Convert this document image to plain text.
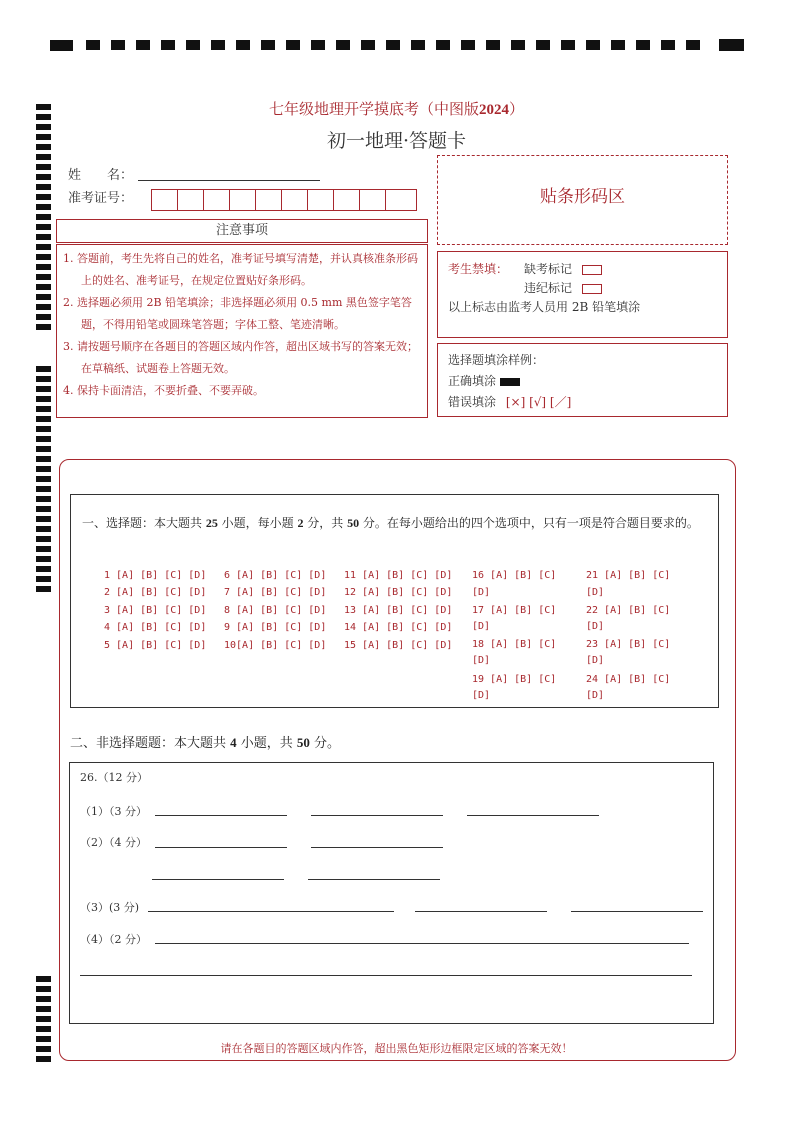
七年级地理开学摸底考（中图版2024）
初一地理·答题卡
姓　　名：
准考证号：	贴条形码区
注意事项

1. 答题前，考生先将自己的姓名，准考证号填写清楚，并认真核准条形码上的姓名、准考证号，在规定位置贴好条形码。

2. 选择题必须用 2B 铅笔填涂；非选择题必须用 0.5 mm 黑色签字笔答题，不得用铅笔或圆珠笔答题；字体工整、笔迹清晰。

3. 请按题号顺序在各题目的答题区域内作答，超出区域书写的答案无效；在草稿纸、试题卷上答题无效。

4. 保持卡面清洁，不要折叠、不要弄破。

考生禁填： 缺考标记
违纪标记
以上标志由监考人员用 2B 铅笔填涂
选择题填涂样例：
正确填涂
错误填涂 [×] [√] [／]
一、选择题：本大题共 25 小题，每小题 2 分，共 50 分。在每小题给出的四个选项中，只有一项是符合题目要求的。
1 [A] [B] [C] [D]
2 [A] [B] [C] [D]
3 [A] [B] [C] [D]
4 [A] [B] [C] [D]
5 [A] [B] [C] [D]
6 [A] [B] [C] [D]
7 [A] [B] [C] [D]
8 [A] [B] [C] [D]
9 [A] [B] [C] [D]
10[A] [B] [C] [D]
11 [A] [B] [C] [D]
12 [A] [B] [C] [D]
13 [A] [B] [C] [D]
14 [A] [B] [C] [D]
15 [A] [B] [C] [D]
16 [A] [B] [C]
[D]
17 [A] [B] [C]
[D]
18 [A] [B] [C]
[D]
19 [A] [B] [C]
[D]
21 [A] [B] [C]
[D]
22 [A] [B] [C]
[D]
23 [A] [B] [C]
[D]
24 [A] [B] [C]
[D]
二、非选择题题：本大题共 4 小题，共 50 分。
26.（12 分）
（1）（3 分）
（2）（4 分）
（3）(3 分)
（4）（2 分）
请在各题目的答题区域内作答，超出黑色矩形边框限定区域的答案无效！
